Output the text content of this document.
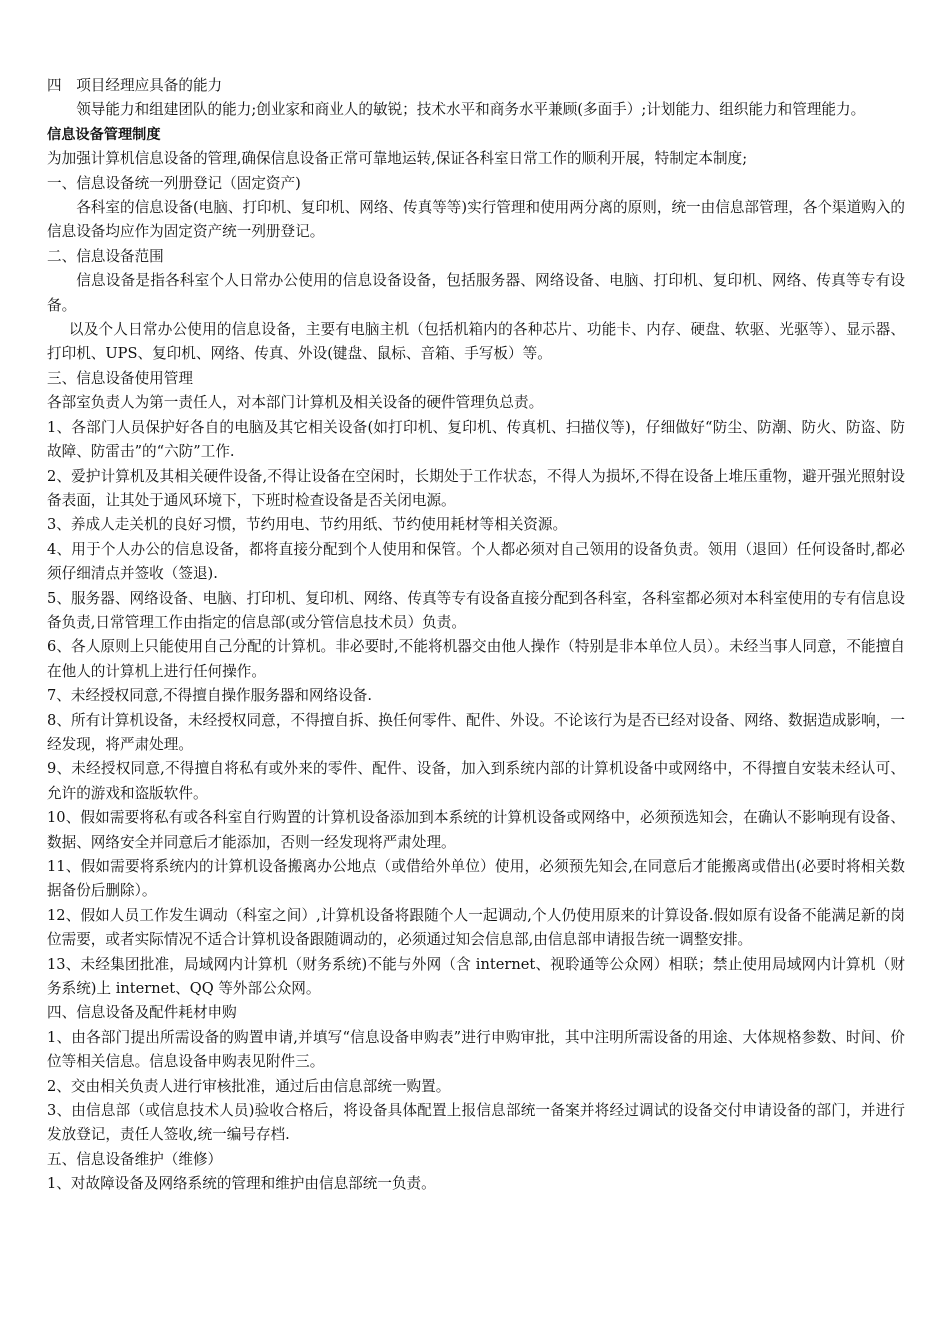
四　项目经理应具备的能力

领导能力和组建团队的能力;创业家和商业人的敏锐；技术水平和商务水平兼顾(多面手）;计划能力、组织能力和管理能力。

信息设备管理制度

为加强计算机信息设备的管理,确保信息设备正常可靠地运转,保证各科室日常工作的顺利开展，特制定本制度;

一、信息设备统一列册登记（固定资产)

各科室的信息设备(电脑、打印机、复印机、网络、传真等等)实行管理和使用两分离的原则，统一由信息部管理，各个渠道购入的信息设备均应作为固定资产统一列册登记。

二、信息设备范围

信息设备是指各科室个人日常办公使用的信息设备设备，包括服务器、网络设备、电脑、打印机、复印机、网络、传真等专有设备。

以及个人日常办公使用的信息设备，主要有电脑主机（包括机箱内的各种芯片、功能卡、内存、硬盘、软驱、光驱等）、显示器、打印机、UPS、复印机、网络、传真、外设(键盘、鼠标、音箱、手写板）等。

三、信息设备使用管理

各部室负责人为第一责任人，对本部门计算机及相关设备的硬件管理负总责。

1、各部门人员保护好各自的电脑及其它相关设备(如打印机、复印机、传真机、扫描仪等)，仔细做好“防尘、防潮、防火、防盗、防故障、防雷击”的“六防”工作.

2、爱护计算机及其相关硬件设备,不得让设备在空闲时，长期处于工作状态，不得人为损坏,不得在设备上堆压重物，避开强光照射设备表面，让其处于通风环境下，下班时检查设备是否关闭电源。

3、养成人走关机的良好习惯，节约用电、节约用纸、节约使用耗材等相关资源。

4、用于个人办公的信息设备，都将直接分配到个人使用和保管。个人都必须对自己领用的设备负责。领用（退回）任何设备时,都必须仔细清点并签收（签退).

5、服务器、网络设备、电脑、打印机、复印机、网络、传真等专有设备直接分配到各科室，各科室都必须对本科室使用的专有信息设备负责,日常管理工作由指定的信息部(或分管信息技术员）负责。

6、各人原则上只能使用自己分配的计算机。非必要时,不能将机器交由他人操作（特别是非本单位人员）。未经当事人同意，不能擅自在他人的计算机上进行任何操作。

7、未经授权同意,不得擅自操作服务器和网络设备.

8、所有计算机设备，未经授权同意，不得擅自拆、换任何零件、配件、外设。不论该行为是否已经对设备、网络、数据造成影响，一经发现，将严肃处理。

9、未经授权同意,不得擅自将私有或外来的零件、配件、设备，加入到系统内部的计算机设备中或网络中，不得擅自安装未经认可、允许的游戏和盗版软件。

10、假如需要将私有或各科室自行购置的计算机设备添加到本系统的计算机设备或网络中，必须预选知会，在确认不影响现有设备、数据、网络安全并同意后才能添加，否则一经发现将严肃处理。

11、假如需要将系统内的计算机设备搬离办公地点（或借给外单位）使用，必须预先知会,在同意后才能搬离或借出(必要时将相关数据备份后删除）。

12、假如人员工作发生调动（科室之间）,计算机设备将跟随个人一起调动,个人仍使用原来的计算设备.假如原有设备不能满足新的岗位需要，或者实际情况不适合计算机设备跟随调动的，必须通过知会信息部,由信息部申请报告统一调整安排。

13、未经集团批准，局域网内计算机（财务系统)不能与外网（含 internet、视聆通等公众网）相联；禁止使用局域网内计算机（财务系统)上 internet、QQ 等外部公众网。

四、信息设备及配件耗材申购

1、由各部门提出所需设备的购置申请,并填写“信息设备申购表”进行申购审批，其中注明所需设备的用途、大体规格参数、时间、价位等相关信息。信息设备申购表见附件三。

2、交由相关负责人进行审核批准，通过后由信息部统一购置。

3、由信息部（或信息技术人员)验收合格后，将设备具体配置上报信息部统一备案并将经过调试的设备交付申请设备的部门，并进行发放登记，责任人签收,统一编号存档.

五、信息设备维护（维修）

1、对故障设备及网络系统的管理和维护由信息部统一负责。
